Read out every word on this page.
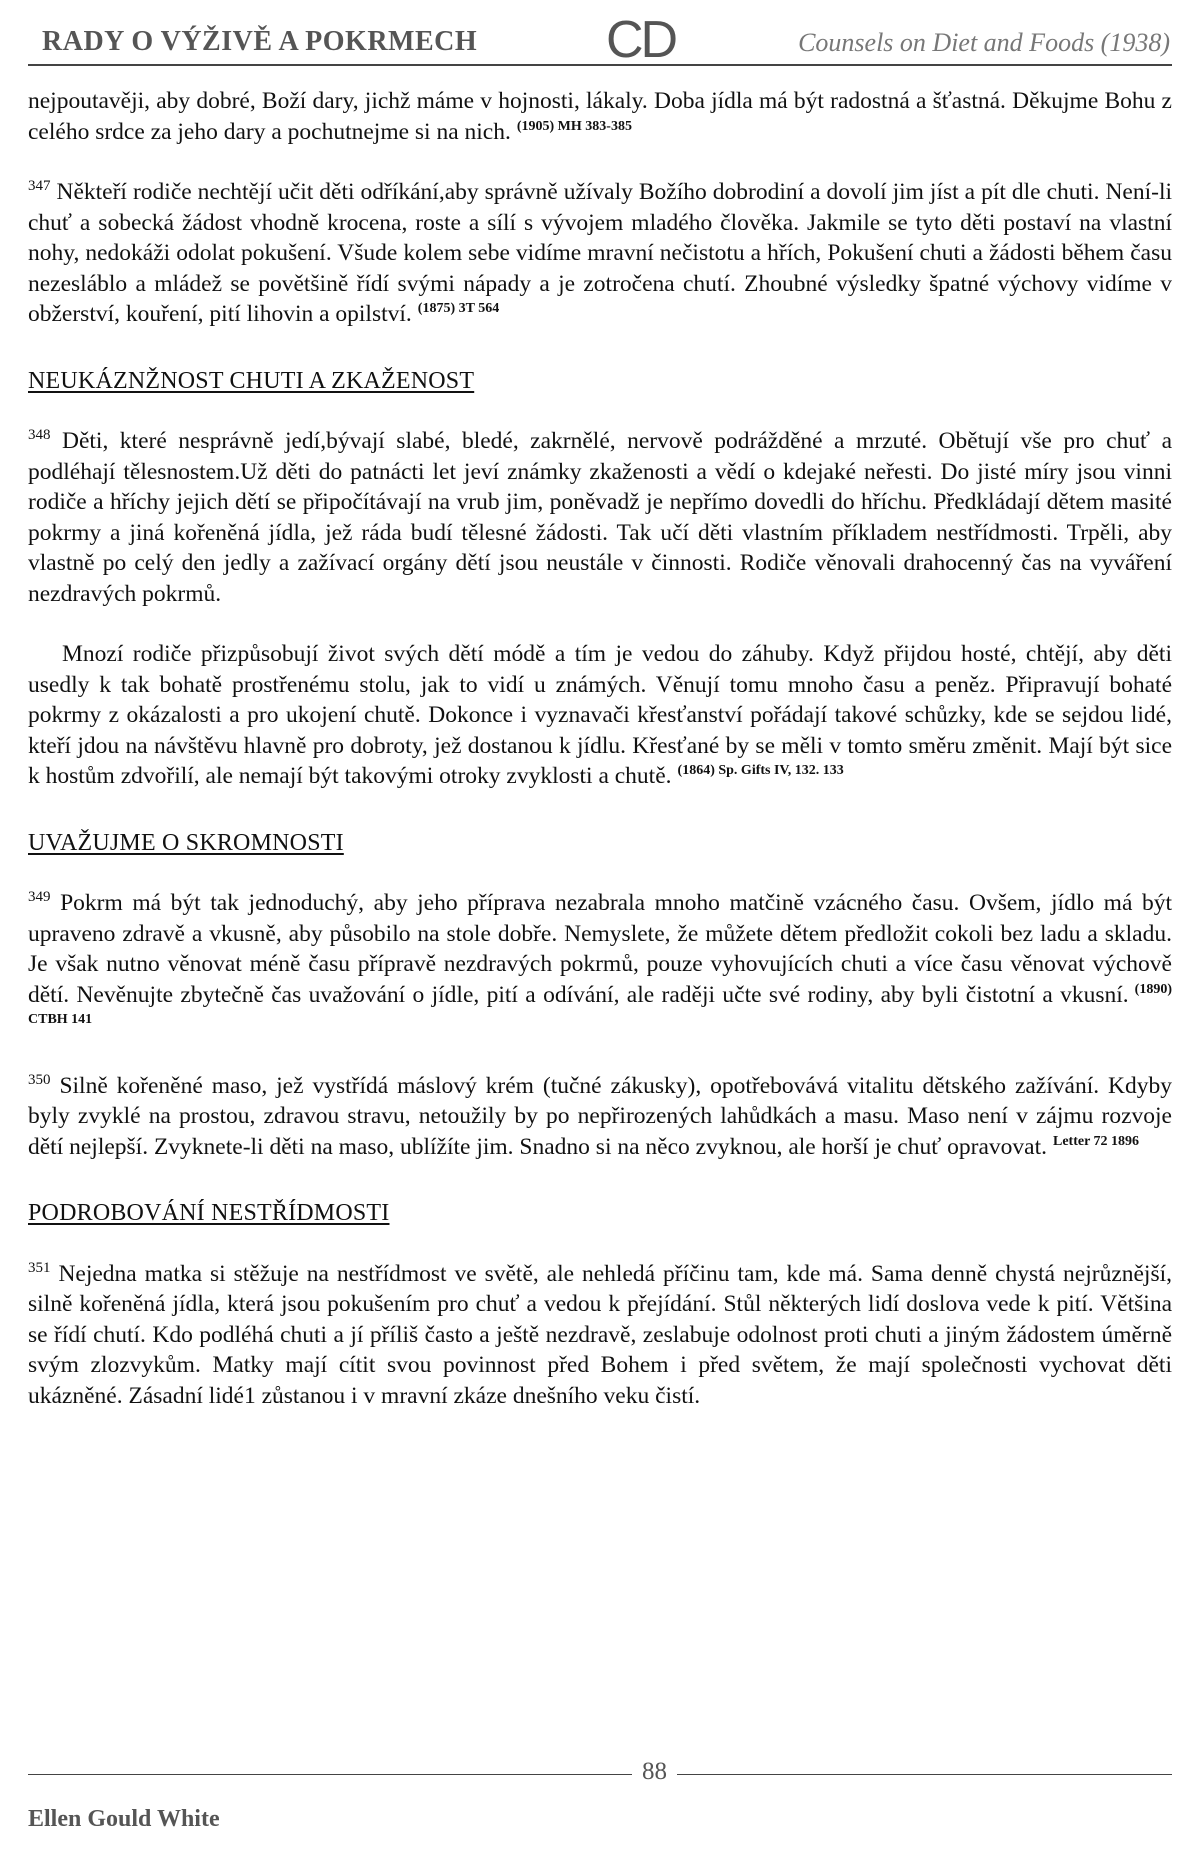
RADY O VÝŽIVĚ A POKRMECH CD	Counsels on Diet and Foods (1938)

nejpoutavěji, aby dobré, Boží dary, jichž máme v hojnosti, lákaly. Doba jídla má být radostná a šťastná. Děkujme Bohu z celého srdce za jeho dary a pochutnejme si na nich. $^{(1905) MH 383-385}$

$^{347}$ Někteří rodiče nechtějí učit děti odříkání,aby správně užívaly Božího dobrodiní a dovolí jim jíst a pít dle chuti. Není-li chuť a sobecká žádost vhodně krocena, roste a sílí s vývojem mladého člověka. Jakmile se tyto děti postaví na vlastní nohy, nedokáži odolat pokušení. Všude kolem sebe vidíme mravní nečistotu a hřích, Pokušení chuti a žádosti během času nezesláblo a mládež se povětšině řídí svými nápady a je zotročena chutí. Zhoubné výsledky špatné výchovy vidíme v obžerství, kouření, pití lihovin a opilství. $^{(1875) 3T 564}$

NEUKÁZNŽNOST CHUTI A ZKAŽENOST

$^{348}$ Děti, které nesprávně jedí,bývají slabé, bledé, zakrnělé, nervově podrážděné a mrzuté. Obětují vše pro chuť a podléhají tělesnostem.Už děti do patnácti let jeví známky zkaženosti a vědí o kdejaké neřesti. Do jisté míry jsou vinni rodiče a hříchy jejich dětí se připočítávají na vrub jim, poněvadž je nepřímo dovedli do hříchu. Předkládají dětem masité pokrmy a jiná kořeněná jídla, jež ráda budí tělesné žádosti. Tak učí děti vlastním příkladem nestřídmosti. Trpěli, aby vlastně po celý den jedly a zažívací orgány dětí jsou neustále v činnosti. Rodiče věnovali drahocenný čas na vyváření nezdravých pokrmů.

Mnozí rodiče přizpůsobují život svých dětí módě a tím je vedou do záhuby. Když přijdou hosté, chtějí, aby děti usedly k tak bohatě prostřenému stolu, jak to vidí u známých. Věnují tomu mnoho času a peněz. Připravují bohaté pokrmy z okázalosti a pro ukojení chutě. Dokonce i vyznavači křesťanství pořádají takové schůzky, kde se sejdou lidé, kteří jdou na návštěvu hlavně pro dobroty, jež dostanou k jídlu. Křesťané by se měli v tomto směru změnit. Mají být sice k hostům zdvořilí, ale nemají být takovými otroky zvyklosti a chutě. $^{(1864) Sp. Gifts IV, 132. 133}$

UVAŽUJME O SKROMNOSTI

$^{349}$ Pokrm má být tak jednoduchý, aby jeho příprava nezabrala mnoho matčině vzácného času. Ovšem, jídlo má být upraveno zdravě a vkusně, aby působilo na stole dobře. Nemyslete, že můžete dětem předložit cokoli bez ladu a skladu. Je však nutno věnovat méně času přípravě nezdravých pokrmů, pouze vyhovujících chuti a více času věnovat výchově dětí. Nevěnujte zbytečně čas uvažování o jídle, pití a odívání, ale raději učte své rodiny, aby byli čistotní a vkusní. $^{(1890) CTBH 141}$

$^{350}$ Silně kořeněné maso, jež vystřídá máslový krém (tučné zákusky), opotřebovává vitalitu dětského zažívání. Kdyby byly zvyklé na prostou, zdravou stravu, netoužily by po nepřirozených lahůdkách a masu. Maso není v zájmu rozvoje dětí nejlepší. Zvyknete-li děti na maso, ublížíte jim. Snadno si na něco zvyknou, ale horší je chuť opravovat. $^{Letter 72 1896}$

PODROBOVÁNÍ NESTŘÍDMOSTI

$^{351}$ Nejedna matka si stěžuje na nestřídmost ve světě, ale nehledá příčinu tam, kde má. Sama denně chystá nejrůznější, silně kořeněná jídla, která jsou pokušením pro chuť a vedou k přejídání. Stůl některých lidí doslova vede k pití. Většina se řídí chutí. Kdo podléhá chuti a jí příliš často a ještě nezdravě, zeslabuje odolnost proti chuti a jiným žádostem úměrně svým zlozvykům. Matky mají cítit svou povinnost před Bohem i před světem, že mají společnosti vychovat děti ukázněné. Zásadní lidé1 zůstanou i v mravní zkáze dnešního veku čistí.

88
Ellen Gould White
